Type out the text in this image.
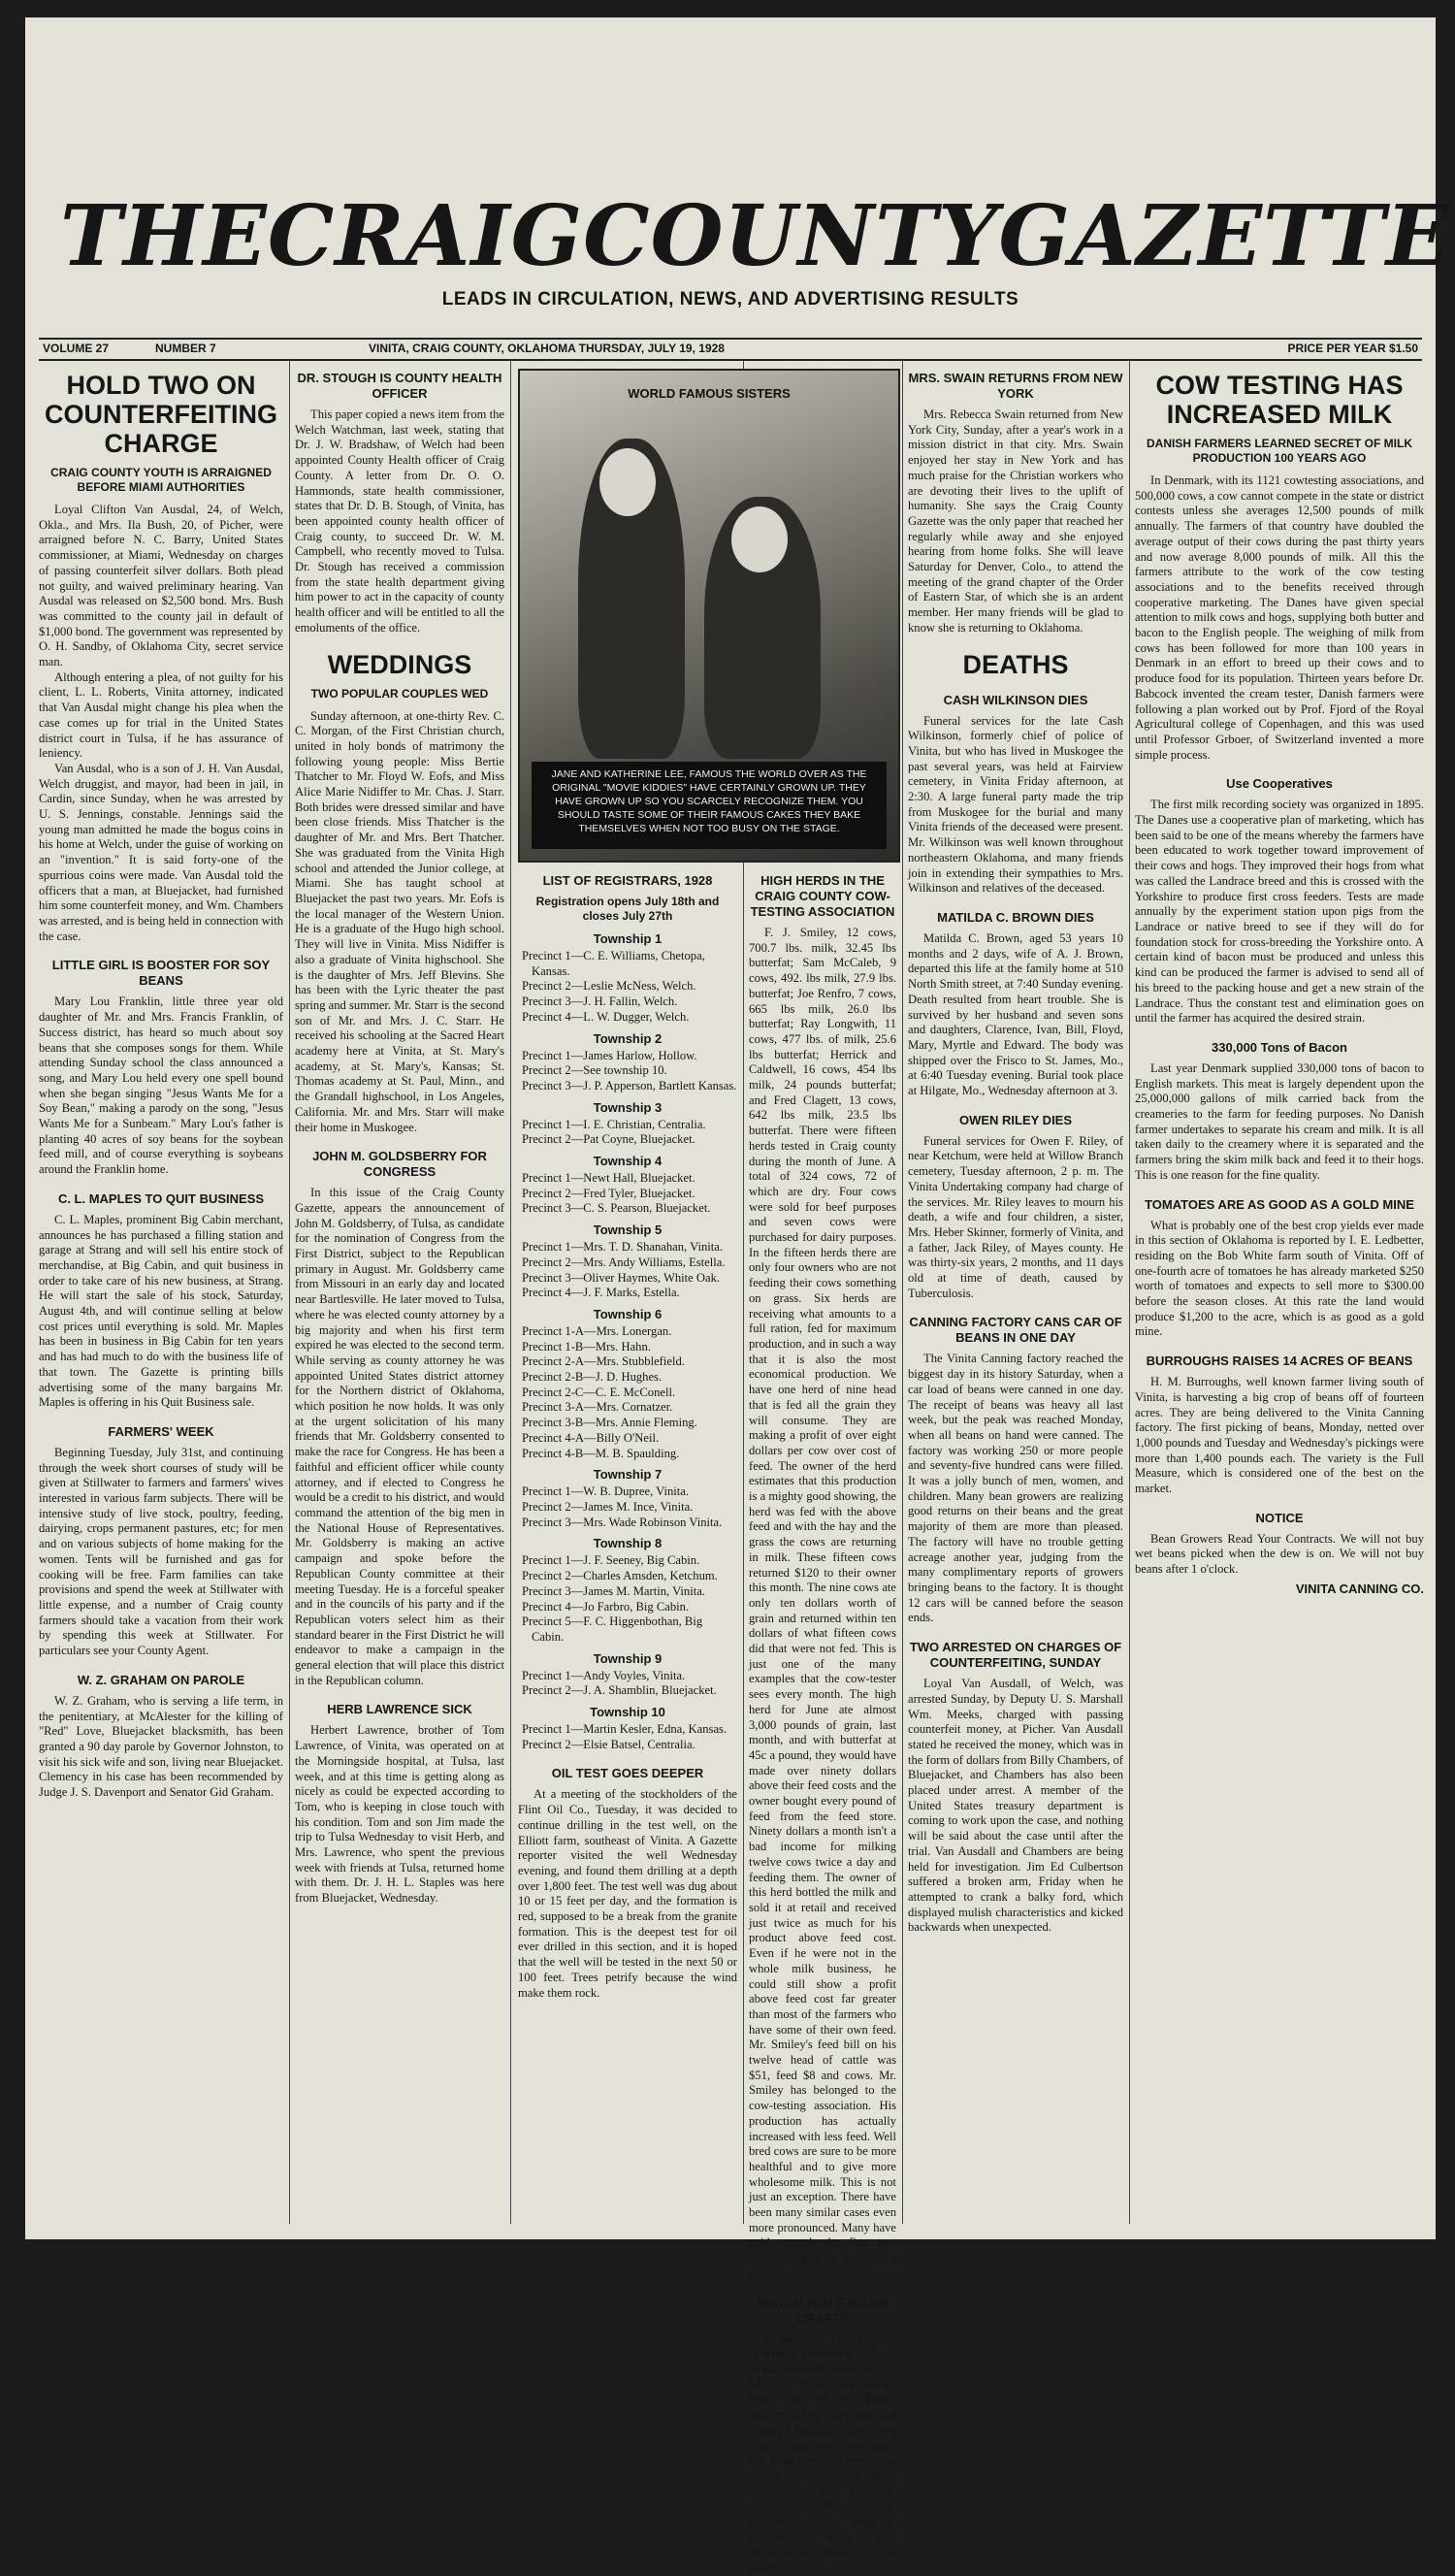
THE CRAIG COUNTY GAZETTE
LEADS IN CIRCULATION, NEWS, AND ADVERTISING RESULTS
VOLUME 27	NUMBER 7	VINITA, CRAIG COUNTY, OKLAHOMA THURSDAY, JULY 19, 1928	PRICE PER YEAR $1.50
HOLD TWO ON COUNTERFEITING CHARGE
CRAIG COUNTY YOUTH IS ARRAIGNED BEFORE MIAMI AUTHORITIES

Loyal Clifton Van Ausdal, 24, of Welch, Okla., and Mrs. Ila Bush, 20, of Picher, were arraigned before N. C. Barry, United States commissioner, at Miami, Wednesday on charges of passing counterfeit silver dollars. Both plead not guilty, and waived preliminary hearing. Van Ausdal was released on $2,500 bond. Mrs. Bush was committed to the county jail in default of $1,000 bond. The government was represented by O. H. Sandby, of Oklahoma City, secret service man.

Although entering a plea, of not guilty for his client, L. L. Roberts, Vinita attorney, indicated that Van Ausdal might change his plea when the case comes up for trial in the United States district court in Tulsa, if he has assurance of leniency.

Van Ausdal, who is a son of J. H. Van Ausdal, Welch druggist, and mayor, had been in jail, in Cardin, since Sunday, when he was arrested by U. S. Jennings, constable. Jennings said the young man admitted he made the bogus coins in his home at Welch, under the guise of working on an "invention." It is said forty-one of the spurrious coins were made. Van Ausdal told the officers that a man, at Bluejacket, had furnished him some counterfeit money, and Wm. Chambers was arrested, and is being held in connection with the case.

LITTLE GIRL IS BOOSTER FOR SOY BEANS

Mary Lou Franklin, little three year old daughter of Mr. and Mrs. Francis Franklin, of Success district, has heard so much about soy beans that she composes songs for them. While attending Sunday school the class announced a song, and Mary Lou held every one spell bound when she began singing "Jesus Wants Me for a Soy Bean," making a parody on the song, "Jesus Wants Me for a Sunbeam." Mary Lou's father is planting 40 acres of soy beans for the soybean feed mill, and of course everything is soybeans around the Franklin home.

C. L. MAPLES TO QUIT BUSINESS

C. L. Maples, prominent Big Cabin merchant, announces he has purchased a filling station and garage at Strang and will sell his entire stock of merchandise, at Big Cabin, and quit business in order to take care of his new business, at Strang. He will start the sale of his stock, Saturday, August 4th, and will continue selling at below cost prices until everything is sold. Mr. Maples has been in business in Big Cabin for ten years and has had much to do with the business life of that town. The Gazette is printing bills advertising some of the many bargains Mr. Maples is offering in his Quit Business sale.

FARMERS' WEEK

Beginning Tuesday, July 31st, and continuing through the week short courses of study will be given at Stillwater to farmers and farmers' wives interested in various farm subjects. There will be intensive study of live stock, poultry, feeding, dairying, crops permanent pastures, etc; for men and on various subjects of home making for the women. Tents will be furnished and gas for cooking will be free. Farm families can take provisions and spend the week at Stillwater with little expense, and a number of Craig county farmers should take a vacation from their work by spending this week at Stillwater. For particulars see your County Agent.

W. Z. GRAHAM ON PAROLE

W. Z. Graham, who is serving a life term, in the penitentiary, at McAlester for the killing of "Red" Love, Bluejacket blacksmith, has been granted a 90 day parole by Governor Johnston, to visit his sick wife and son, living near Bluejacket. Clemency in his case has been recommended by Judge J. S. Davenport and Senator Gid Graham.

DR. STOUGH IS COUNTY HEALTH OFFICER

This paper copied a news item from the Welch Watchman, last week, stating that Dr. J. W. Bradshaw, of Welch had been appointed County Health officer of Craig County. A letter from Dr. O. O. Hammonds, state health commissioner, states that Dr. D. B. Stough, of Vinita, has been appointed county health officer of Craig county, to succeed Dr. W. M. Campbell, who recently moved to Tulsa. Dr. Stough has received a commission from the state health department giving him power to act in the capacity of county health officer and will be entitled to all the emoluments of the office.

WEDDINGS
TWO POPULAR COUPLES WED

Sunday afternoon, at one-thirty Rev. C. C. Morgan, of the First Christian church, united in holy bonds of matrimony the following young people: Miss Bertie Thatcher to Mr. Floyd W. Eofs, and Miss Alice Marie Nidiffer to Mr. Chas. J. Starr. Both brides were dressed similar and have been close friends. Miss Thatcher is the daughter of Mr. and Mrs. Bert Thatcher. She was graduated from the Vinita High school and attended the Junior college, at Miami. She has taught school at Bluejacket the past two years. Mr. Eofs is the local manager of the Western Union. He is a graduate of the Hugo high school. They will live in Vinita. Miss Nidiffer is also a graduate of Vinita highschool. She is the daughter of Mrs. Jeff Blevins. She has been with the Lyric theater the past spring and summer. Mr. Starr is the second son of Mr. and Mrs. J. C. Starr. He received his schooling at the Sacred Heart academy here at Vinita, at St. Mary's academy, at St. Mary's, Kansas; St. Thomas academy at St. Paul, Minn., and the Grandall highschool, in Los Angeles, California. Mr. and Mrs. Starr will make their home in Muskogee.

JOHN M. GOLDSBERRY FOR CONGRESS

In this issue of the Craig County Gazette, appears the announcement of John M. Goldsberry, of Tulsa, as candidate for the nomination of Congress from the First District, subject to the Republican primary in August. Mr. Goldsberry came from Missouri in an early day and located near Bartlesville. He later moved to Tulsa, where he was elected county attorney by a big majority and when his first term expired he was elected to the second term. While serving as county attorney he was appointed United States district attorney for the Northern district of Oklahoma, which position he now holds. It was only at the urgent solicitation of his many friends that Mr. Goldsberry consented to make the race for Congress. He has been a faithful and efficient officer while county attorney, and if elected to Congress he would be a credit to his district, and would command the attention of the big men in the National House of Representatives. Mr. Goldsberry is making an active campaign and spoke before the Republican County committee at their meeting Tuesday. He is a forceful speaker and in the councils of his party and if the Republican voters select him as their standard bearer in the First District he will endeavor to make a campaign in the general election that will place this district in the Republican column.

HERB LAWRENCE SICK

Herbert Lawrence, brother of Tom Lawrence, of Vinita, was operated on at the Morningside hospital, at Tulsa, last week, and at this time is getting along as nicely as could be expected according to Tom, who is keeping in close touch with his condition. Tom and son Jim made the trip to Tulsa Wednesday to visit Herb, and Mrs. Lawrence, who spent the previous week with friends at Tulsa, returned home with them. Dr. J. H. L. Staples was here from Bluejacket, Wednesday.

WORLD FAMOUS SISTERS
JANE AND KATHERINE LEE, FAMOUS THE WORLD OVER AS THE ORIGINAL "MOVIE KIDDIES" HAVE CERTAINLY GROWN UP. THEY HAVE GROWN UP SO YOU SCARCELY RECOGNIZE THEM. YOU SHOULD TASTE SOME OF THEIR FAMOUS CAKES THEY BAKE THEMSELVES WHEN NOT TOO BUSY ON THE STAGE.
LIST OF REGISTRARS, 1928
Registration opens July 18th and closes July 27th
Township 1
Precinct 1—C. E. Williams, Chetopa, Kansas.
Precinct 2—Leslie McNess, Welch.
Precinct 3—J. H. Fallin, Welch.
Precinct 4—L. W. Dugger, Welch.
Township 2
Precinct 1—James Harlow, Hollow.
Precinct 2—See township 10.
Precinct 3—J. P. Apperson, Bartlett Kansas.
Township 3
Precinct 1—I. E. Christian, Centralia.
Precinct 2—Pat Coyne, Bluejacket.
Township 4
Precinct 1—Newt Hall, Bluejacket.
Precinct 2—Fred Tyler, Bluejacket.
Precinct 3—C. S. Pearson, Bluejacket.
Township 5
Precinct 1—Mrs. T. D. Shanahan, Vinita.
Precinct 2—Mrs. Andy Williams, Estella.
Precinct 3—Oliver Haymes, White Oak.
Precinct 4—J. F. Marks, Estella.
Township 6
Precinct 1-A—Mrs. Lonergan.
Precinct 1-B—Mrs. Hahn.
Precinct 2-A—Mrs. Stubblefield.
Precinct 2-B—J. D. Hughes.
Precinct 2-C—C. E. McConell.
Precinct 3-A—Mrs. Cornatzer.
Precinct 3-B—Mrs. Annie Fleming.
Precinct 4-A—Billy O'Neil.
Precinct 4-B—M. B. Spaulding.
Township 7
Precinct 1—W. B. Dupree, Vinita.
Precinct 2—James M. Ince, Vinita.
Precinct 3—Mrs. Wade Robinson Vinita.
Township 8
Precinct 1—J. F. Seeney, Big Cabin.
Precinct 2—Charles Amsden, Ketchum.
Precinct 3—James M. Martin, Vinita.
Precinct 4—Jo Farbro, Big Cabin.
Precinct 5—F. C. Higgenbothan, Big Cabin.
Township 9
Precinct 1—Andy Voyles, Vinita.
Precinct 2—J. A. Shamblin, Bluejacket.
Township 10
Precinct 1—Martin Kesler, Edna, Kansas.
Precinct 2—Elsie Batsel, Centralia.
OIL TEST GOES DEEPER

At a meeting of the stockholders of the Flint Oil Co., Tuesday, it was decided to continue drilling in the test well, on the Elliott farm, southeast of Vinita. A Gazette reporter visited the well Wednesday evening, and found them drilling at a depth over 1,800 feet. The test well was dug about 10 or 15 feet per day, and the formation is red, supposed to be a break from the granite formation. This is the deepest test for oil ever drilled in this section, and it is hoped that the well will be tested in the next 50 or 100 feet. Trees petrify because the wind make them rock.

HIGH HERDS IN THE CRAIG COUNTY COW-TESTING ASSOCIATION

F. J. Smiley, 12 cows, 700.7 lbs. milk, 32.45 lbs butterfat; Sam McCaleb, 9 cows, 492. lbs milk, 27.9 lbs. butterfat; Joe Renfro, 7 cows, 665 lbs milk, 26.0 lbs butterfat; Ray Longwith, 11 cows, 477 lbs. of milk, 25.6 lbs butterfat; Herrick and Caldwell, 16 cows, 454 lbs milk, 24 pounds butterfat; and Fred Clagett, 13 cows, 642 lbs milk, 23.5 lbs butterfat. There were fifteen herds tested in Craig county during the month of June. A total of 324 cows, 72 of which are dry. Four cows were sold for beef purposes and seven cows were purchased for dairy purposes. In the fifteen herds there are only four owners who are not feeding their cows something on grass. Six herds are receiving what amounts to a full ration, fed for maximum production, and in such a way that it is also the most economical production. We have one herd of nine head that is fed all the grain they will consume. They are making a profit of over eight dollars per cow over cost of feed. The owner of the herd estimates that this production is a mighty good showing, the herd was fed with the above feed and with the hay and the grass the cows are returning in milk. These fifteen cows returned $120 to their owner this month. The nine cows ate only ten dollars worth of grain and returned within ten dollars of what fifteen cows did that were not fed. This is just one of the many examples that the cow-tester sees every month. The high herd for June ate almost 3,000 pounds of grain, last month, and with butterfat at 45c a pound, they would have made over ninety dollars above their feed costs and the owner bought every pound of feed from the feed store. Ninety dollars a month isn't a bad income for milking twelve cows twice a day and feeding them. The owner of this herd bottled the milk and sold it at retail and received just twice as much for his product above feed cost. Even if he were not in the whole milk business, he could still show a profit above feed cost far greater than most of the farmers who have some of their own feed. Mr. Smiley's feed bill on his twelve head of cattle was $51, feed $8 and cows. Mr. Smiley has belonged to the cow-testing association. His production has actually increased with less feed. Well bred cows are sure to be more healthful and to give more wholesome milk. This is not just an exception. There have been many similar cases even more pronounced. Many have paid enough the first two months to pay the tester for a year.

WATCH FOR STOLEN DRAFTS

R. M. Page, Frisco agent, at Vinita, announces a book of station drafts, numbered E-1413 to 11,450 was stolen from one of the Frisco stations a few days ago and some of the drafts have been passed on several merchants. Mr. Page warns all merchants to be watching for these drafts. T. W. Ridgway, manager of the Sanders-Ridgway stores, went to Independence, Kas., to visit the company stores at that place.

MRS. SWAIN RETURNS FROM NEW YORK

Mrs. Rebecca Swain returned from New York City, Sunday, after a year's work in a mission district in that city. Mrs. Swain enjoyed her stay in New York and has much praise for the Christian workers who are devoting their lives to the uplift of humanity. She says the Craig County Gazette was the only paper that reached her regularly while away and she enjoyed hearing from home folks. She will leave Saturday for Denver, Colo., to attend the meeting of the grand chapter of the Order of Eastern Star, of which she is an ardent member. Her many friends will be glad to know she is returning to Oklahoma.

DEATHS
CASH WILKINSON DIES

Funeral services for the late Cash Wilkinson, formerly chief of police of Vinita, but who has lived in Muskogee the past several years, was held at Fairview cemetery, in Vinita Friday afternoon, at 2:30. A large funeral party made the trip from Muskogee for the burial and many Vinita friends of the deceased were present. Mr. Wilkinson was well known throughout northeastern Oklahoma, and many friends join in extending their sympathies to Mrs. Wilkinson and relatives of the deceased.

MATILDA C. BROWN DIES

Matilda C. Brown, aged 53 years 10 months and 2 days, wife of A. J. Brown, departed this life at the family home at 510 North Smith street, at 7:40 Sunday evening. Death resulted from heart trouble. She is survived by her husband and seven sons and daughters, Clarence, Ivan, Bill, Floyd, Mary, Myrtle and Edward. The body was shipped over the Frisco to St. James, Mo., at 6:40 Tuesday evening. Burial took place at Hilgate, Mo., Wednesday afternoon at 3.

OWEN RILEY DIES

Funeral services for Owen F. Riley, of near Ketchum, were held at Willow Branch cemetery, Tuesday afternoon, 2 p. m. The Vinita Undertaking company had charge of the services. Mr. Riley leaves to mourn his death, a wife and four children, a sister, Mrs. Heber Skinner, formerly of Vinita, and a father, Jack Riley, of Mayes county. He was thirty-six years, 2 months, and 11 days old at time of death, caused by Tuberculosis.

CANNING FACTORY CANS CAR OF BEANS IN ONE DAY

The Vinita Canning factory reached the biggest day in its history Saturday, when a car load of beans were canned in one day. The receipt of beans was heavy all last week, but the peak was reached Monday, when all beans on hand were canned. The factory was working 250 or more people and seventy-five hundred cans were filled. It was a jolly bunch of men, women, and children. Many bean growers are realizing good returns on their beans and the great majority of them are more than pleased. The factory will have no trouble getting acreage another year, judging from the many complimentary reports of growers bringing beans to the factory. It is thought 12 cars will be canned before the season ends.

TWO ARRESTED ON CHARGES OF COUNTERFEITING, SUNDAY

Loyal Van Ausdall, of Welch, was arrested Sunday, by Deputy U. S. Marshall Wm. Meeks, charged with passing counterfeit money, at Picher. Van Ausdall stated he received the money, which was in the form of dollars from Billy Chambers, of Bluejacket, and Chambers has also been placed under arrest. A member of the United States treasury department is coming to work upon the case, and nothing will be said about the case until after the trial. Van Ausdall and Chambers are being held for investigation. Jim Ed Culbertson suffered a broken arm, Friday when he attempted to crank a balky ford, which displayed mulish characteristics and kicked backwards when unexpected.

COW TESTING HAS INCREASED MILK
DANISH FARMERS LEARNED SECRET OF MILK PRODUCTION 100 YEARS AGO

In Denmark, with its 1121 cowtesting associations, and 500,000 cows, a cow cannot compete in the state or district contests unless she averages 12,500 pounds of milk annually. The farmers of that country have doubled the average output of their cows during the past thirty years and now average 8,000 pounds of milk. All this the farmers attribute to the work of the cow testing associations and to the benefits received through cooperative marketing. The Danes have given special attention to milk cows and hogs, supplying both butter and bacon to the English people. The weighing of milk from cows has been followed for more than 100 years in Denmark in an effort to breed up their cows and to produce food for its population. Thirteen years before Dr. Babcock invented the cream tester, Danish farmers were following a plan worked out by Prof. Fjord of the Royal Agricultural college of Copenhagen, and this was used until Professor Grboer, of Switzerland invented a more simple process.

Use Cooperatives

The first milk recording society was organized in 1895. The Danes use a cooperative plan of marketing, which has been said to be one of the means whereby the farmers have been educated to work together toward improvement of their cows and hogs. They improved their hogs from what was called the Landrace breed and this is crossed with the Yorkshire to produce first cross feeders. Tests are made annually by the experiment station upon pigs from the Landrace or native breed to see if they will do for foundation stock for cross-breeding the Yorkshire onto. A certain kind of bacon must be produced and unless this kind can be produced the farmer is advised to send all of his breed to the packing house and get a new strain of the Landrace. Thus the constant test and elimination goes on until the farmer has acquired the desired strain.

330,000 Tons of Bacon

Last year Denmark supplied 330,000 tons of bacon to English markets. This meat is largely dependent upon the 25,000,000 gallons of milk carried back from the creameries to the farm for feeding purposes. No Danish farmer undertakes to separate his cream and milk. It is all taken daily to the creamery where it is separated and the farmers bring the skim milk back and feed it to their hogs. This is one reason for the fine quality.

TOMATOES ARE AS GOOD AS A GOLD MINE

What is probably one of the best crop yields ever made in this section of Oklahoma is reported by I. E. Ledbetter, residing on the Bob White farm south of Vinita. Off of one-fourth acre of tomatoes he has already marketed $250 worth of tomatoes and expects to sell more to $300.00 before the season closes. At this rate the land would produce $1,200 to the acre, which is as good as a gold mine.

BURROUGHS RAISES 14 ACRES OF BEANS

H. M. Burroughs, well known farmer living south of Vinita, is harvesting a big crop of beans off of fourteen acres. They are being delivered to the Vinita Canning factory. The first picking of beans, Monday, netted over 1,000 pounds and Tuesday and Wednesday's pickings were more than 1,400 pounds each. The variety is the Full Measure, which is considered one of the best on the market.

NOTICE

Bean Growers Read Your Contracts. We will not buy wet beans picked when the dew is on. We will not buy beans after 1 o'clock.

VINITA CANNING CO.
